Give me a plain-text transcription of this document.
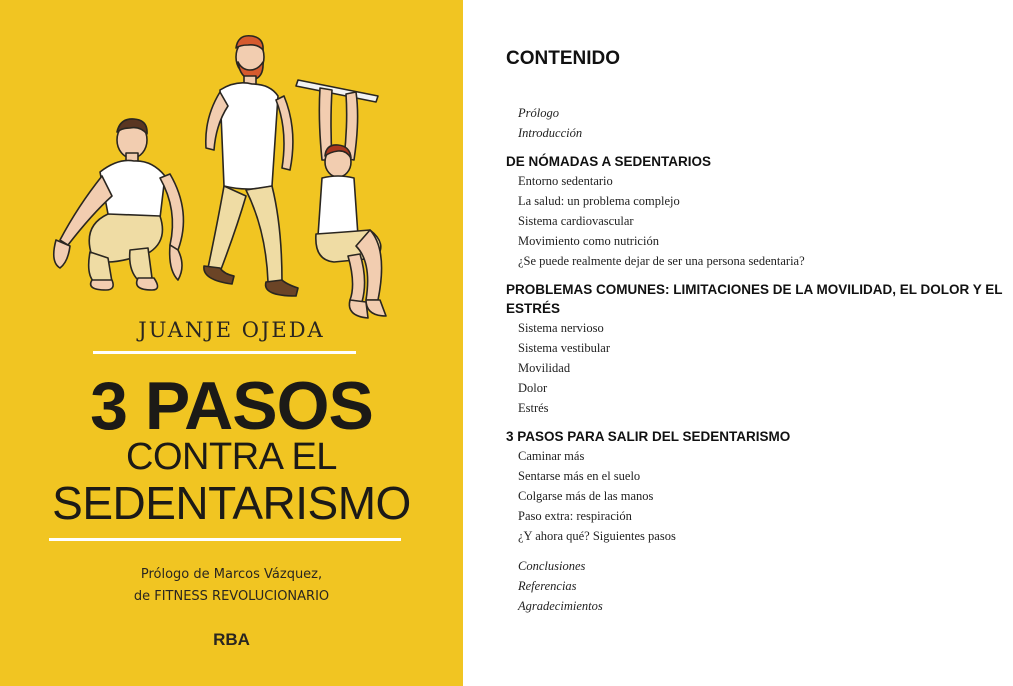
JUANJE OJEDA
3 PASOS
CONTRA EL
SEDENTARISMO
Prólogo de Marcos Vázquez,
de FITNESS REVOLUCIONARIO
RBA
CONTENIDO
Prólogo
Introducción
DE NÓMADAS A SEDENTARIOS
Entorno sedentario
La salud: un problema complejo
Sistema cardiovascular
Movimiento como nutrición
¿Se puede realmente dejar de ser una persona sedentaria?
PROBLEMAS COMUNES: LIMITACIONES DE LA MOVILIDAD, EL DOLOR Y EL ESTRÉS
Sistema nervioso
Sistema vestibular
Movilidad
Dolor
Estrés
3 PASOS PARA SALIR DEL SEDENTARISMO
Caminar más
Sentarse más en el suelo
Colgarse más de las manos
Paso extra: respiración
¿Y ahora qué? Siguientes pasos
Conclusiones
Referencias
Agradecimientos
